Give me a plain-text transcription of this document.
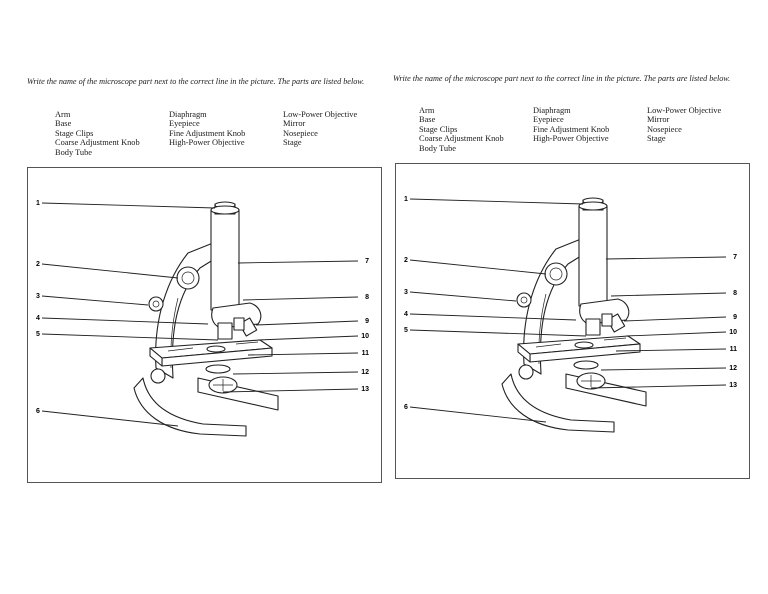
Write the name of the microscope part next to the correct line in the picture. The parts are listed below.

Arm
Base
Stage Clips
Coarse Adjustment Knob
Body Tube
Diaphragm
Eyepiece
Fine Adjustment Knob
High-Power Objective
Low-Power Objective
Mirror
Nosepiece
Stage
1
2
3
4
5
6
7
8
9
10
11
12
13

Write the name of the microscope part next to the correct line in the picture. The parts are listed below.

Arm
Base
Stage Clips
Coarse Adjustment Knob
Body Tube
Diaphragm
Eyepiece
Fine Adjustment Knob
High-Power Objective
Low-Power Objective
Mirror
Nosepiece
Stage
1
2
3
4
5
6
7
8
9
10
11
12
13
